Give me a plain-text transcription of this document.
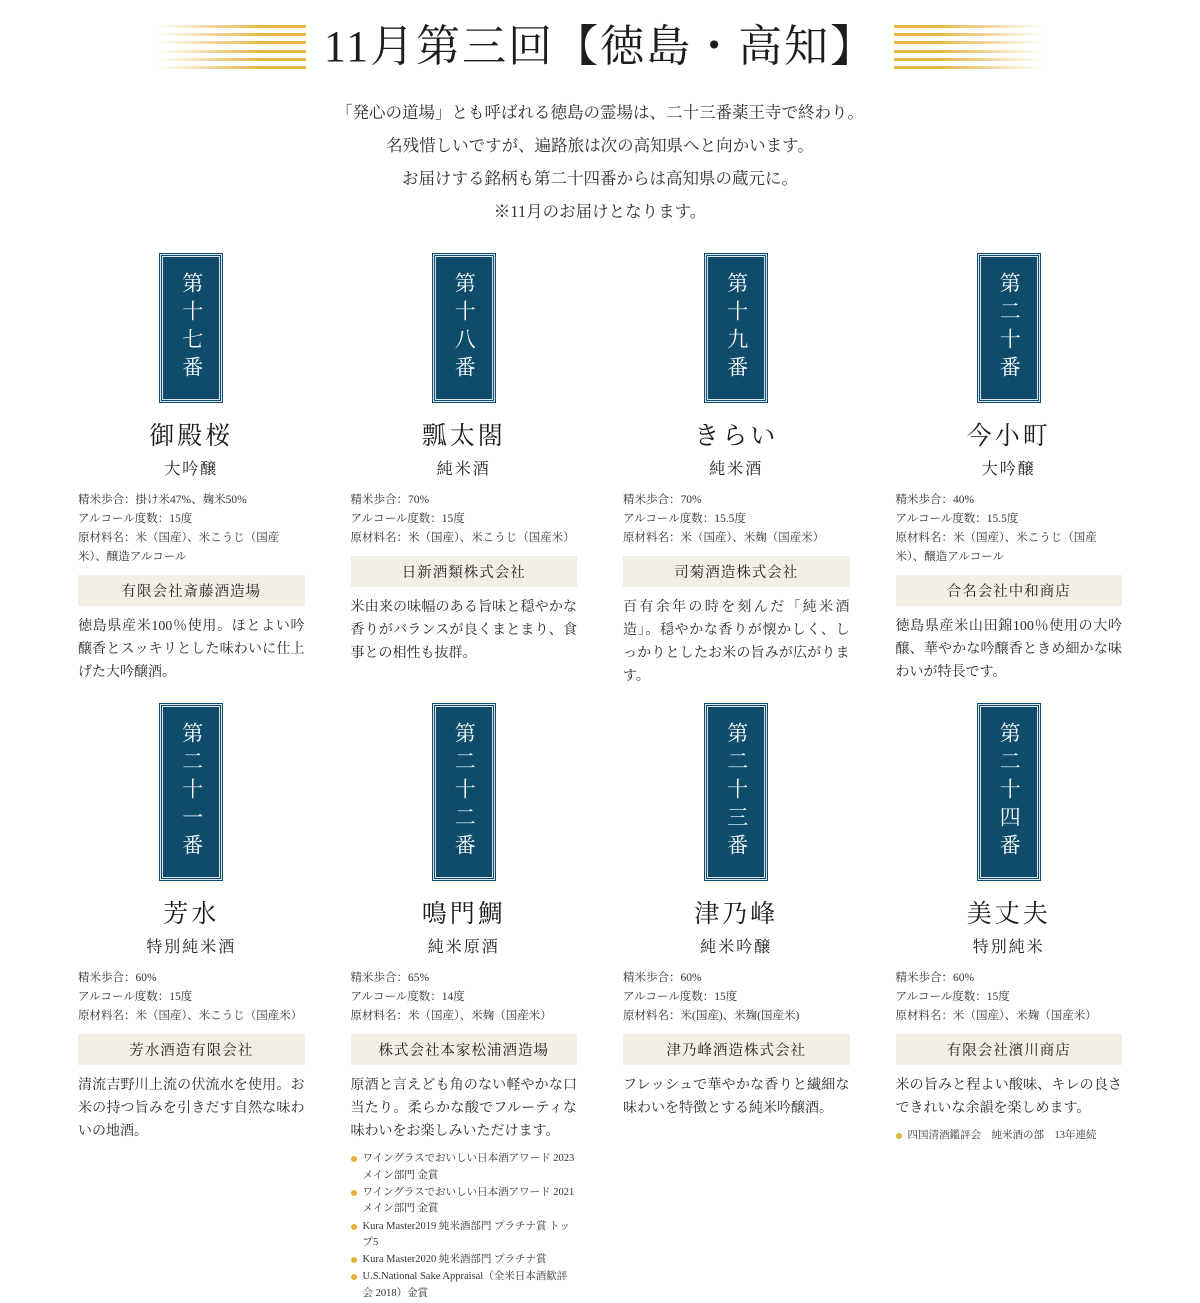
11月第三回【徳島・高知】
「発心の道場」とも呼ばれる徳島の霊場は、二十三番薬王寺で終わり。
名残惜しいですが、遍路旅は次の高知県へと向かいます。
お届けする銘柄も第二十四番からは高知県の蔵元に。
※11月のお届けとなります。
第十七番
御殿桜
大吟醸
精米歩合：掛け米47%、麹米50%
アルコール度数：15度
原材料名：米（国産）、米こうじ（国産米）、醸造アルコール
有限会社斎藤酒造場
徳島県産米100％使用。ほとよい吟醸香とスッキリとした味わいに仕上げた大吟醸酒。
第十八番
瓢太閤
純米酒
精米歩合：70%
アルコール度数：15度
原材料名：米（国産）、米こうじ（国産米）
日新酒類株式会社
米由来の味幅のある旨味と穏やかな香りがバランスが良くまとまり、食事との相性も抜群。
第十九番
きらい
純米酒
精米歩合：70%
アルコール度数：15.5度
原材料名：米（国産）、米麹（国産米）
司菊酒造株式会社
百有余年の時を刻んだ「純米酒造」。穏やかな香りが懐かしく、しっかりとしたお米の旨みが広がります。
第二十番
今小町
大吟醸
精米歩合：40%
アルコール度数：15.5度
原材料名：米（国産）、米こうじ（国産米）、醸造アルコール
合名会社中和商店
徳島県産米山田錦100％使用の大吟醸、華やかな吟醸香ときめ細かな味わいが特長です。
第二十一番
芳水
特別純米酒
精米歩合：60%
アルコール度数：15度
原材料名：米（国産）、米こうじ（国産米）
芳水酒造有限会社
清流吉野川上流の伏流水を使用。お米の持つ旨みを引きだす自然な味わいの地酒。
第二十二番
鳴門鯛
純米原酒
精米歩合：65%
アルコール度数：14度
原材料名：米（国産）、米麹（国産米）
株式会社本家松浦酒造場
原酒と言えども角のない軽やかな口当たり。柔らかな酸でフルーティな味わいをお楽しみいただけます。
ワイングラスでおいしい日本酒アワード 2023 メイン部門 金賞
ワイングラスでおいしい日本酒アワード 2021 メイン部門 金賞
Kura Master2019 純米酒部門 プラチナ賞 トップ5
Kura Master2020 純米酒部門 プラチナ賞
U.S.National Sake Appraisal（全米日本酒歓評会 2018）金賞
第二十三番
津乃峰
純米吟醸
精米歩合：60%
アルコール度数：15度
原材料名：米(国産)、米麹(国産米)
津乃峰酒造株式会社
フレッシュで華やかな香りと繊細な味わいを特徴とする純米吟醸酒。
第二十四番
美丈夫
特別純米
精米歩合：60%
アルコール度数：15度
原材料名：米（国産）、米麹（国産米）
有限会社濱川商店
米の旨みと程よい酸味、キレの良さできれいな余韻を楽しめます。
四国清酒鑑評会　純米酒の部　13年連続
